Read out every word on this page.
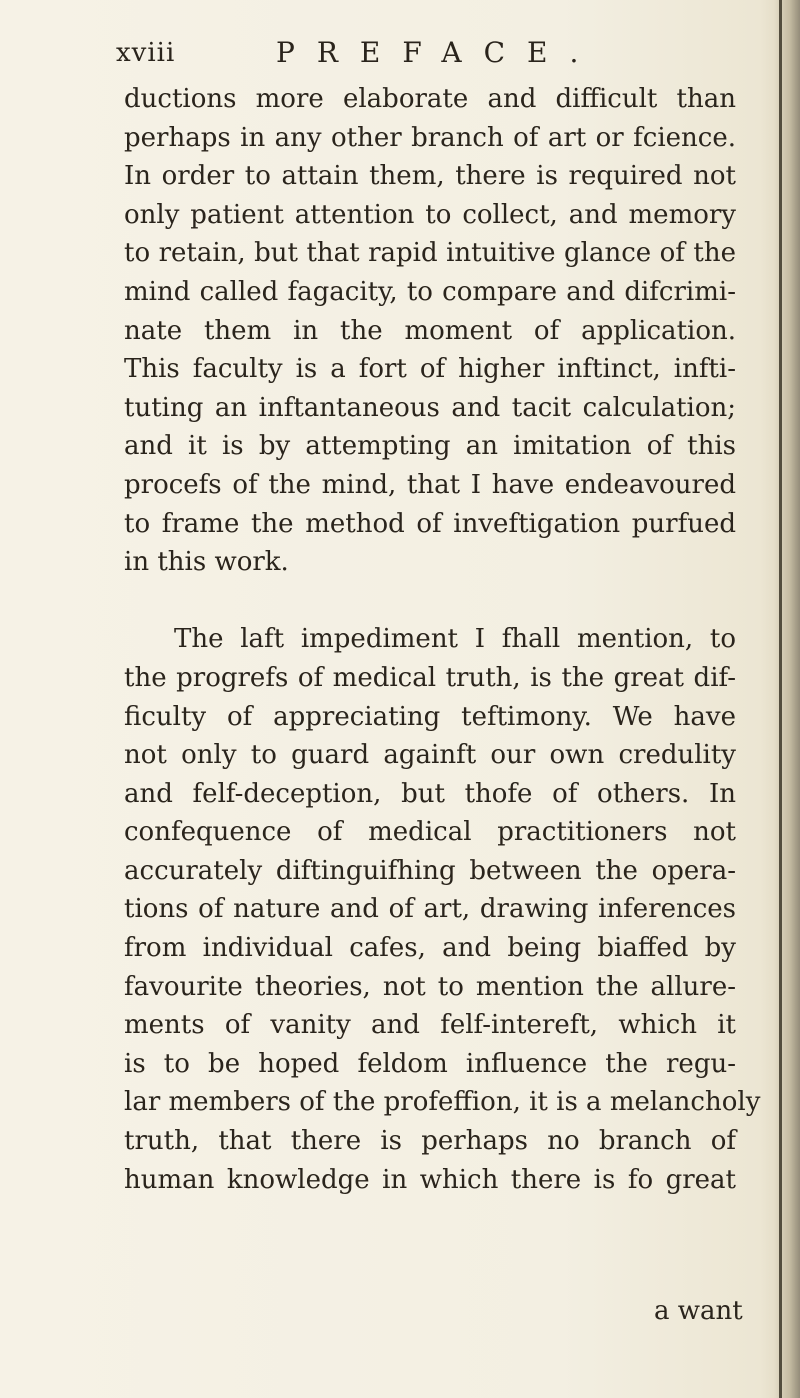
xviii	PREFACE.
ductions more elaborate and difficult than
perhaps in any other branch of art or fcience.
In order to attain them, there is required not
only patient attention to collect, and memory
to retain, but that rapid intuitive glance of the
mind called fagacity, to compare and difcrimi-
nate them in the moment of application.
This faculty is a fort of higher inftinct, infti-
tuting an inftantaneous and tacit calculation;
and it is by attempting an imitation of this
procefs of the mind, that I have endeavoured
to frame the method of inveftigation purfued
in this work.
The laft impediment I fhall mention, to
the progrefs of medical truth, is the great dif-
ficulty of appreciating teftimony. We have
not only to guard againft our own credulity
and felf-deception, but thofe of others. In
confequence of medical practitioners not
accurately diftinguifhing between the opera-
tions of nature and of art, drawing inferences
from individual cafes, and being biaffed by
favourite theories, not to mention the allure-
ments of vanity and felf-intereft, which it
is to be hoped feldom influence the regu-
lar members of the profeffion, it is a melancholy
truth, that there is perhaps no branch of
human knowledge in which there is fo great
a want
